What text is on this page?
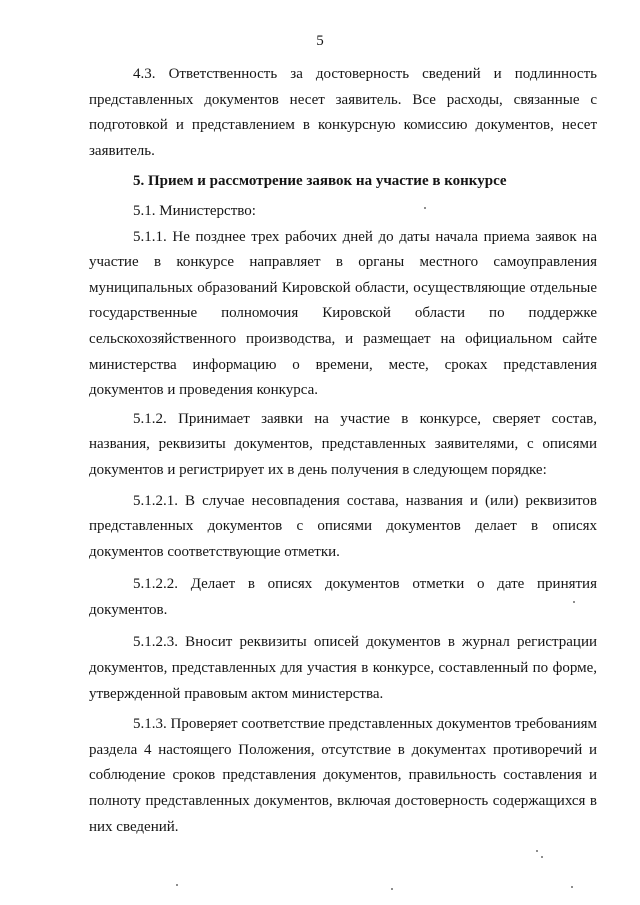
5

4.3. Ответственность за достоверность сведений и подлинность представленных документов несет заявитель. Все расходы, связанные с подготовкой и представлением в конкурсную комиссию документов, несет заявитель.

5. Прием и рассмотрение заявок на участие в конкурсе

5.1. Министерство:

5.1.1. Не позднее трех рабочих дней до даты начала приема заявок на участие в конкурсе направляет в органы местного самоуправления муниципальных образований Кировской области, осуществляющие отдельные государственные полномочия Кировской области по поддержке сельскохозяйственного производства, и размещает на официальном сайте министерства информацию о времени, месте, сроках представления документов и проведения конкурса.

5.1.2. Принимает заявки на участие в конкурсе, сверяет состав, названия, реквизиты документов, представленных заявителями, с описями документов и регистрирует их в день получения в следующем порядке:

5.1.2.1. В случае несовпадения состава, названия и (или) реквизитов представленных документов с описями документов делает в описях документов соответствующие отметки.

5.1.2.2. Делает в описях документов отметки о дате принятия документов.

5.1.2.3. Вносит реквизиты описей документов в журнал регистрации документов, представленных для участия в конкурсе, составленный по форме, утвержденной правовым актом министерства.

5.1.3. Проверяет соответствие представленных документов требованиям раздела 4 настоящего Положения, отсутствие в документах противоречий и соблюдение сроков представления документов, правильность составления и полноту представленных документов, включая достоверность содержащихся в них сведений.
